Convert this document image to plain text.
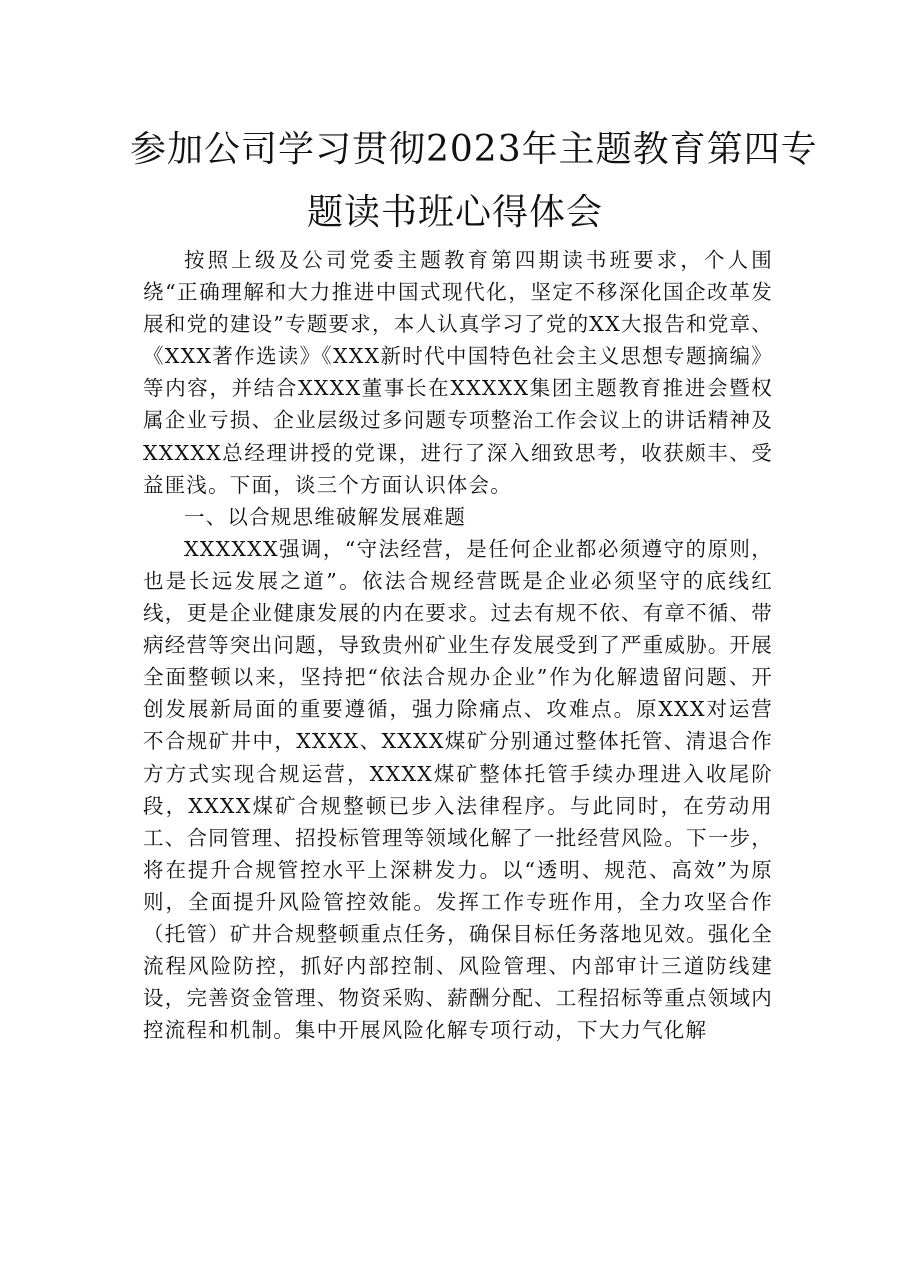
参加公司学习贯彻2023年主题教育第四专
题读书班心得体会

按照上级及公司党委主题教育第四期读书班要求，个人围绕“正确理解和大力推进中国式现代化，坚定不移深化国企改革发展和党的建设”专题要求，本人认真学习了党的XX大报告和党章、《XXX著作选读》《XXX新时代中国特色社会主义思想专题摘编》等内容，并结合XXXX董事长在XXXXX集团主题教育推进会暨权属企业亏损、企业层级过多问题专项整治工作会议上的讲话精神及XXXXX总经理讲授的党课，进行了深入细致思考，收获颇丰、受益匪浅。下面，谈三个方面认识体会。

一、以合规思维破解发展难题

XXXXXX强调，“守法经营，是任何企业都必须遵守的原则，也是长远发展之道”。依法合规经营既是企业必须坚守的底线红线，更是企业健康发展的内在要求。过去有规不依、有章不循、带病经营等突出问题，导致贵州矿业生存发展受到了严重威胁。开展全面整顿以来，坚持把“依法合规办企业”作为化解遗留问题、开创发展新局面的重要遵循，强力除痛点、攻难点。原XXX对运营不合规矿井中，XXXX、XXXX煤矿分别通过整体托管、清退合作方方式实现合规运营，XXXX煤矿整体托管手续办理进入收尾阶段，XXXX煤矿合规整顿已步入法律程序。与此同时，在劳动用工、合同管理、招投标管理等领域化解了一批经营风险。下一步，将在提升合规管控水平上深耕发力。以“透明、规范、高效”为原则，全面提升风险管控效能。发挥工作专班作用，全力攻坚合作（托管）矿井合规整顿重点任务，确保目标任务落地见效。强化全流程风险防控，抓好内部控制、风险管理、内部审计三道防线建设，完善资金管理、物资采购、薪酬分配、工程招标等重点领域内控流程和机制。集中开展风险化解专项行动，下大力气化解
